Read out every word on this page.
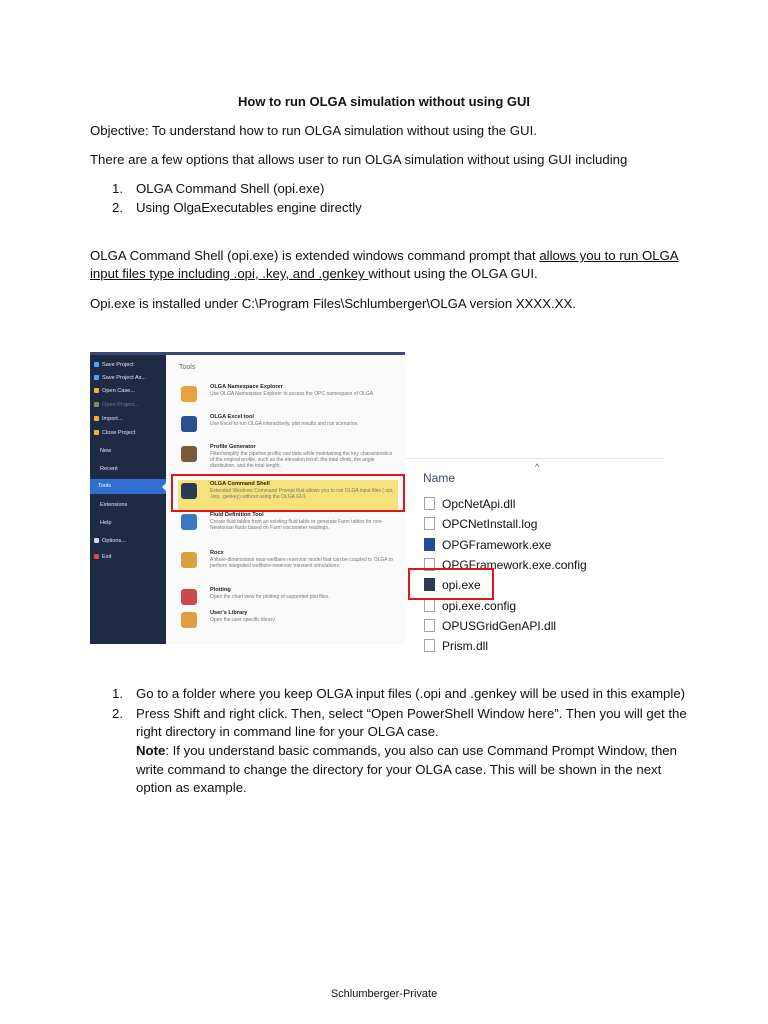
How to run OLGA simulation without using GUI
Objective: To understand how to run OLGA simulation without using the GUI.
There are a few options that allows user to run OLGA simulation without using GUI including
1. OLGA Command Shell (opi.exe)
2. Using OlgaExecutables engine directly
OLGA Command Shell (opi.exe) is extended windows command prompt that allows you to run OLGA
input files type including .opi, .key, and .genkey without using the OLGA GUI.
Opi.exe is installed under C:\Program Files\Schlumberger\OLGA version XXXX.XX.
Save Project
Save Project As...
Open Case...
Open Project...
Import...
Close Project
New
Recent
Tools
Extensions
Help
Options...
Exit
Tools
OLGA Namespace Explorer
Use OLGA Namespace Explorer to access the OPC namespace of OLGA.
OLGA Excel tool
Use Excel to run OLGA interactively, plot results and run scenarios.
Profile Generator
Filter/simplify the pipeline profile raw data while maintaining the key characteristics of the original profile, such as the elevation trend, the total climb, the angle distribution, and the total length.
OLGA Command Shell
Extended Windows Command Prompt that allows you to run OLGA input files (.opi, .key, .genkey) without using the OLGA GUI.
Fluid Definition Tool
Create fluid tables from an existing fluid table or generate Farm tables for non-Newtonian fluids based on Farm viscometer readings.
Rocx
A three-dimensional near-wellbore reservoir model that can be coupled to OLGA to perform integrated wellbore-reservoir transient simulations.
Plotting
Open the chart view for plotting of supported plot files.
User's Library
Open the user specific library.
^
Name
OpcNetApi.dll
OPCNetInstall.log
OPGFramework.exe
OPGFramework.exe.config
opi.exe
opi.exe.config
OPUSGridGenAPI.dll
Prism.dll
1. Go to a folder where you keep OLGA input files (.opi and .genkey will be used in this example)
2. Press Shift and right click. Then, select “Open PowerShell Window here”. Then you will get the
right directory in command line for your OLGA case.
Note: If you understand basic commands, you also can use Command Prompt Window, then
write command to change the directory for your OLGA case. This will be shown in the next
option as example.
Schlumberger-Private
